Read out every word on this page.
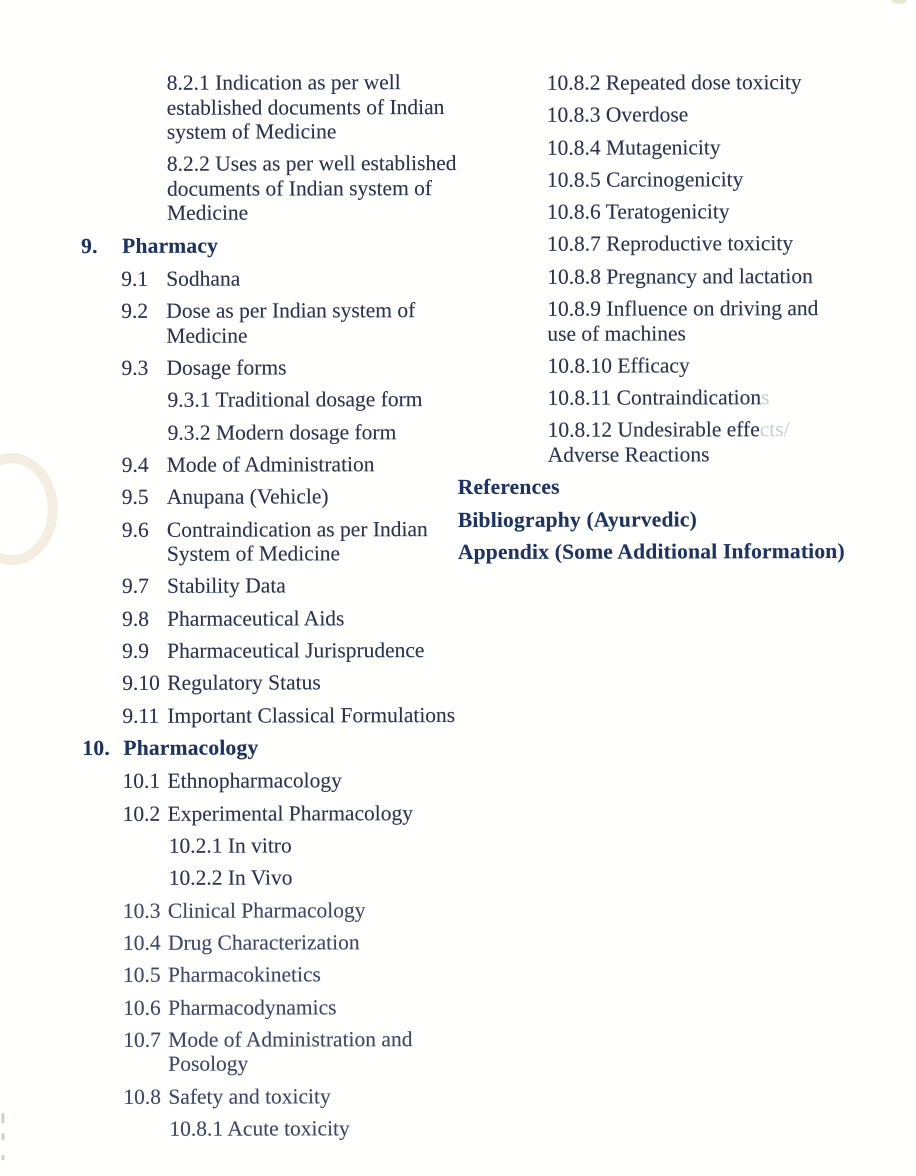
8.2.1 Indication as per well
established documents of Indian
system of Medicine
8.2.2 Uses as per well established
documents of Indian system of
Medicine
9.	Pharmacy
9.1 Sodhana
9.2 Dose as per Indian system of
Medicine
9.3 Dosage forms
9.3.1 Traditional dosage form
9.3.2 Modern dosage form
9.4 Mode of Administration
9.5 Anupana (Vehicle)
9.6 Contraindication as per Indian
System of Medicine
9.7 Stability Data
9.8 Pharmaceutical Aids
9.9 Pharmaceutical Jurisprudence
9.10 Regulatory Status
9.11 Important Classical Formulations
10. Pharmacology
10.1 Ethnopharmacology
10.2 Experimental Pharmacology
10.2.1 In vitro
10.2.2 In Vivo
10.3 Clinical Pharmacology
10.4 Drug Characterization
10.5 Pharmacokinetics
10.6 Pharmacodynamics
10.7 Mode of Administration and
Posology
10.8 Safety and toxicity
10.8.1 Acute toxicity
10.8.2 Repeated dose toxicity
10.8.3 Overdose
10.8.4 Mutagenicity
10.8.5 Carcinogenicity
10.8.6 Teratogenicity
10.8.7 Reproductive toxicity
10.8.8 Pregnancy and lactation
10.8.9 Influence on driving and
use of machines
10.8.10 Efficacy
10.8.11 Contraindications
10.8.12 Undesirable effects/
Adverse Reactions
References
Bibliography (Ayurvedic)
Appendix (Some Additional Information)
